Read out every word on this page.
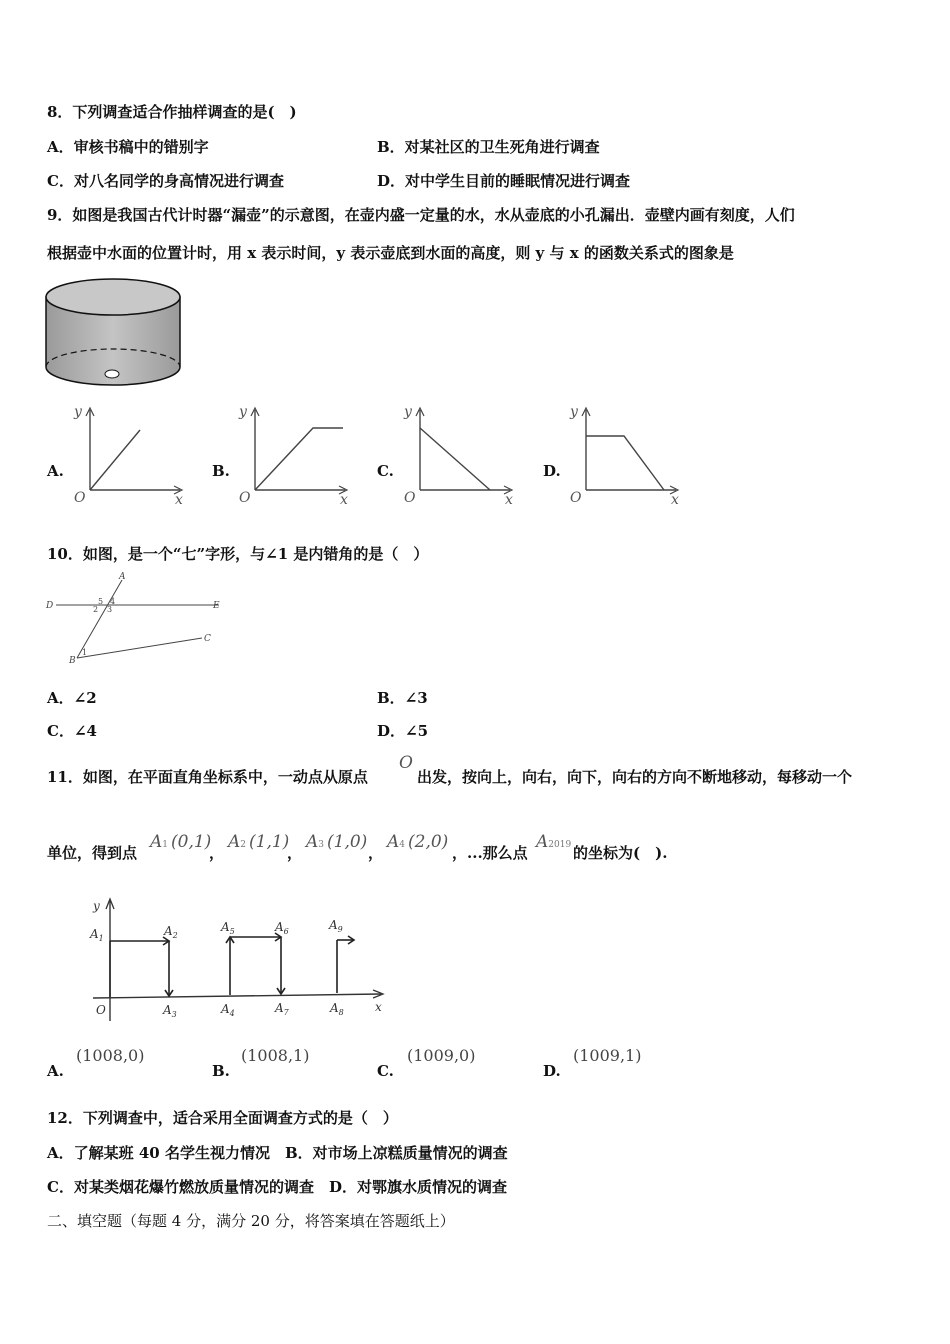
8．下列调查适合作抽样调查的是(　)
A．审核书稿中的错别字	B．对某社区的卫生死角进行调查
C．对八名同学的身高情况进行调查	D．对中学生目前的睡眠情况进行调查
9．如图是我国古代计时器“漏壶”的示意图，在壶内盛一定量的水，水从壶底的小孔漏出．壶壁内画有刻度，人们
根据壶中水面的位置计时，用 x 表示时间，y 表示壶底到水面的高度，则 y 与 x 的函数关系式的图象是
A.
y
O	x
B.
y
O	x
C.
y
O	x
D.
y
O	x
10．如图，是一个“七”字形，与∠1 是内错角的是（　）
A
D	E
C
B
5 4
2 3
1
A．∠2	B．∠3
C．∠4	D．∠5
11．如图，在平面直角坐标系中，一动点从原点
O
出发，按向上，向右，向下，向右的方向不断地移动，每移动一个
单位，得到点
A1 (0,1)
，
A2 (1,1)
，
A3 (1,0)
，
A4 (2,0)
，...那么点
A2019 的坐标为(　).
y
x
O
$A_1$
$A_2$
$A_3$	$A_4$
$A_5$	$A_6$
$A_7$	$A_8$
$A_9$
A.
(1008,0)
B.
(1008,1)
C.
(1009,0)
D.
(1009,1)
12．下列调查中，适合采用全面调查方式的是（　）
A．了解某班 40 名学生视力情况　B．对市场上凉糕质量情况的调查
C．对某类烟花爆竹燃放质量情况的调查　D．对鄂旗水质情况的调查
二、填空题（每题 4 分，满分 20 分，将答案填在答题纸上）
